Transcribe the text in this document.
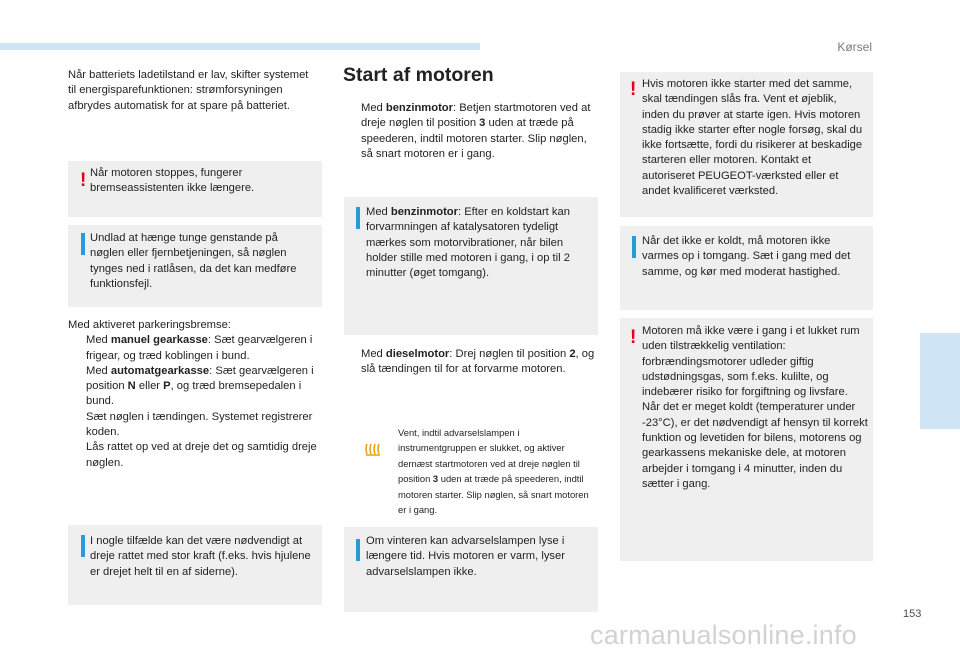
Kørsel
6
153

Når batteriets ladetilstand er lav, skifter systemet til energisparefunktionen: strømforsyningen afbrydes automatisk for at spare på batteriet.

! Når motoren stoppes, fungerer bremseassistenten ikke længere.
Undlad at hænge tunge genstande på nøglen eller fjernbetjeningen, så nøglen tynges ned i ratlåsen, da det kan medføre funktionsfejl.
Med aktiveret parkeringsbremse:
Med manuel gearkasse: Sæt gearvælgeren i frigear, og træd koblingen i bund.
Med automatgearkasse: Sæt gearvælgeren i position N eller P, og træd bremsepedalen i bund.
Sæt nøglen i tændingen. Systemet registrerer koden.
Lås rattet op ved at dreje det og samtidig dreje nøglen.
I nogle tilfælde kan det være nødvendigt at dreje rattet med stor kraft (f.eks. hvis hjulene er drejet helt til en af siderne).
Start af motoren
Med benzinmotor: Betjen startmotoren ved at dreje nøglen til position 3 uden at træde på speederen, indtil motoren starter. Slip nøglen, så snart motoren er i gang.
Med benzinmotor: Efter en koldstart kan forvarmningen af katalysatoren tydeligt mærkes som motorvibrationer, når bilen holder stille med motoren i gang, i op til 2 minutter (øget tomgang).
Med dieselmotor: Drej nøglen til position 2, og slå tændingen til for at forvarme motoren.
Vent, indtil advarselslampen i instrumentgruppen er slukket, og aktiver dernæst startmotoren ved at dreje nøglen til position 3 uden at træde på speederen, indtil motoren starter. Slip nøglen, så snart motoren er i gang.
Om vinteren kan advarselslampen lyse i længere tid. Hvis motoren er varm, lyser advarselslampen ikke.
! Hvis motoren ikke starter med det samme, skal tændingen slås fra. Vent et øjeblik, inden du prøver at starte igen. Hvis motoren stadig ikke starter efter nogle forsøg, skal du ikke fortsætte, fordi du risikerer at beskadige starteren eller motoren. Kontakt et autoriseret PEUGEOT-værksted eller et andet kvalificeret værksted.
Når det ikke er koldt, må motoren ikke varmes op i tomgang. Sæt i gang med det samme, og kør med moderat hastighed.
! Motoren må ikke være i gang i et lukket rum uden tilstrækkelig ventilation: forbrændingsmotorer udleder giftig udstødningsgas, som f.eks. kulilte, og indebærer risiko for forgiftning og livsfare. Når det er meget koldt (temperaturer under -23°C), er det nødvendigt af hensyn til korrekt funktion og levetiden for bilens, motorens og gearkassens mekaniske dele, at motoren arbejder i tomgang i 4 minutter, inden du sætter i gang.
carmanualsonline.info
